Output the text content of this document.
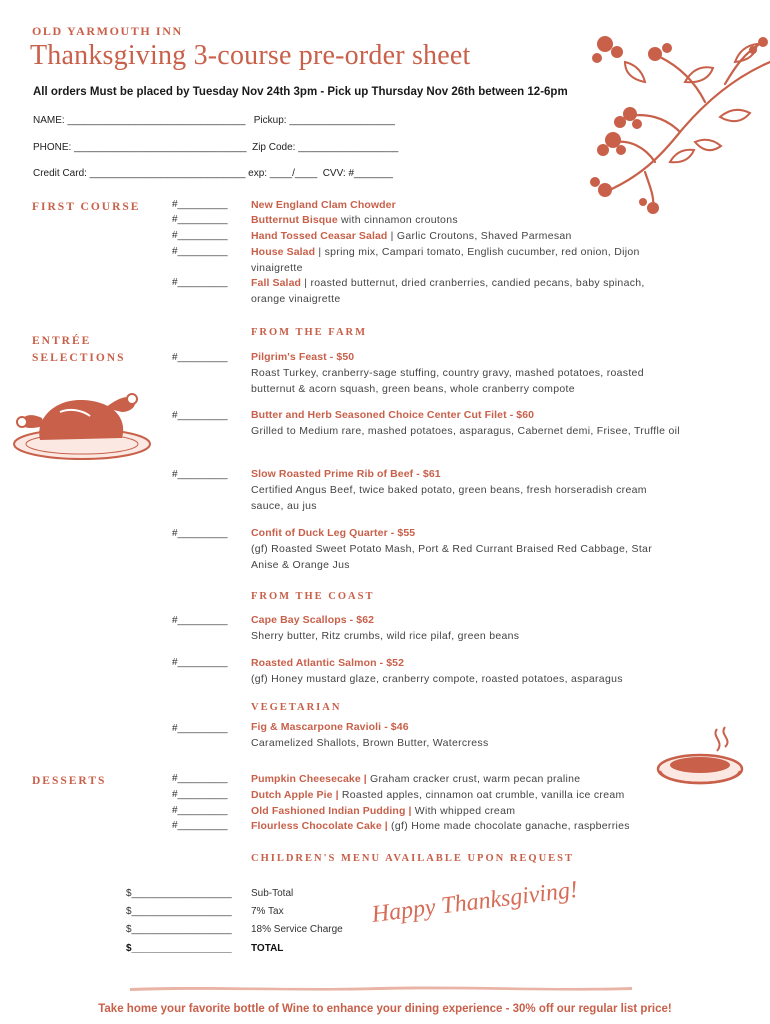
OLD YARMOUTH INN
Thanksgiving 3-course pre-order sheet
All orders Must be placed by Tuesday Nov 24th 3pm - Pick up Thursday Nov 26th between 12-6pm
NAME: ________________________________   Pickup: ___________________
PHONE: _______________________________  Zip Code: __________________
Credit Card: ____________________________ exp: ____/____  CVV: #_______
FIRST COURSE	#_________ New England Clam Chowder
#_________ Butternut Bisque with cinnamon croutons
#_________ Hand Tossed Ceasar Salad | Garlic Croutons, Shaved Parmesan
#_________ House Salad | spring mix, Campari tomato, English cucumber, red onion, Dijon vinaigrette
#_________ Fall Salad | roasted butternut, dried cranberries, candied pecans, baby spinach, orange vinaigrette
FROM THE FARM
ENTRÉE
SELECTIONS	#_________ Pilgrim's Feast - $50
Roast Turkey, cranberry-sage stuffing, country gravy, mashed potatoes, roasted butternut & acorn squash, green beans, whole cranberry compote
#_________ Butter and Herb Seasoned Choice Center Cut Filet - $60
Grilled to Medium rare, mashed potatoes, asparagus, Cabernet demi, Frisee, Truffle oil
#_________ Slow Roasted Prime Rib of Beef - $61
Certified Angus Beef, twice baked potato, green beans, fresh horseradish cream sauce, au jus
#_________ Confit of Duck Leg Quarter - $55
(gf) Roasted Sweet Potato Mash, Port & Red Currant Braised Red Cabbage, Star Anise & Orange Jus
FROM THE COAST
#_________ Cape Bay Scallops - $62
Sherry butter, Ritz crumbs, wild rice pilaf, green beans
#_________ Roasted Atlantic Salmon - $52
(gf) Honey mustard glaze, cranberry compote, roasted potatoes, asparagus
VEGETARIAN
#_________ Fig & Mascarpone Ravioli - $46
Caramelized Shallots, Brown Butter, Watercress
DESSERTS	#_________ Pumpkin Cheesecake | Graham cracker crust, warm pecan praline
#_________ Dutch Apple Pie | Roasted apples, cinnamon oat crumble, vanilla ice cream
#_________ Old Fashioned Indian Pudding | With whipped cream
#_________ Flourless Chocolate Cake | (gf) Home made chocolate ganache, raspberries
CHILDREN'S MENU AVAILABLE UPON REQUEST
$__________________ Sub-Total
$__________________ 7% Tax
$__________________ 18% Service Charge
$__________________ TOTAL
Happy Thanksgiving!
Take home your favorite bottle of Wine to enhance your dining experience - 30% off our regular list price!
